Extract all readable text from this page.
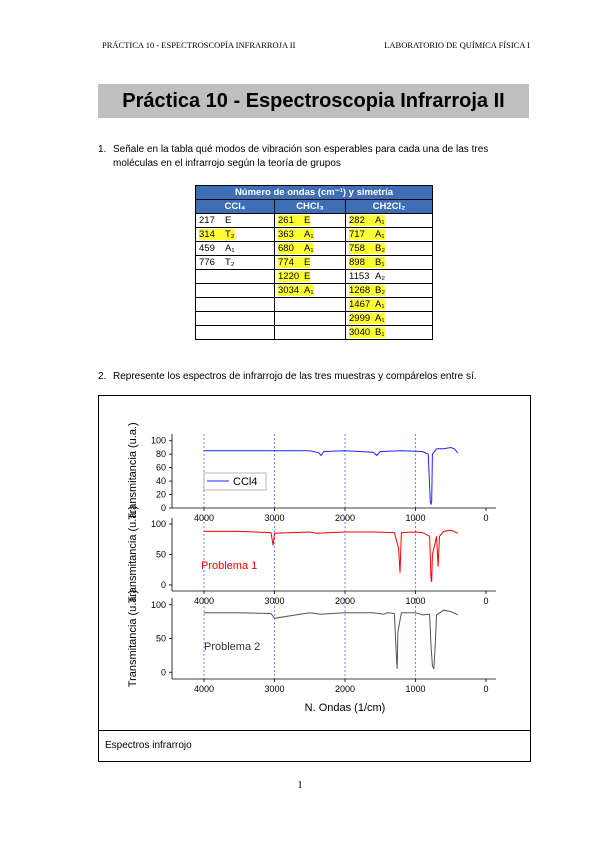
PRÁCTICA 10 - ESPECTROSCOPÍA INFRARROJA II	LABORATORIO DE QUÍMICA FÍSICA I
Práctica 10 - Espectroscopia Infrarroja II
1. Señale en la tabla qué modos de vibración son esperables para cada una de las tres
moléculas en el infrarrojo según la teoría de grupos
Número de ondas (cm⁻¹) y simetría		
CCl₄	CHCl₃	CH2Cl₂

217 E	261 E	282 A₁

314 T₂	363 A₁	717 A₁

459 A₁	680 A₁	758 B₂

776 T₂	774 E	898 B₁

	1220 E	1153 A₂

	3034 A₁	1268 B₂

		1467 A₁

		2999 A₁

		3040 B₁
2. Represente los espectros de infrarrojo de las tres muestras y compárelos entre sí.
100
80
60
40
20
0
4000	3000	2000	1000	0
Transmitancia (u.a.)
100
50
0
4000	3000	2000	1000	0
Transmitancia (u.a.)
100
50
0
4000	3000	2000	1000	0
Transmitancia (u.a.)
CCl4
Problema 1
Problema 2
N. Ondas (1/cm)
Espectros infrarrojo
1
